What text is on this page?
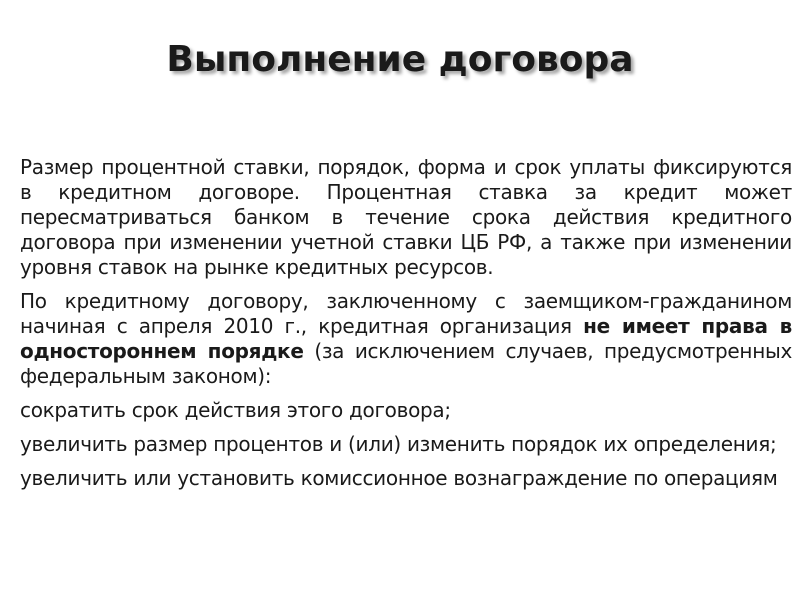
Выполнение договора

Размер процентной ставки, порядок, форма и срок уплаты фиксируются в кредитном договоре. Процентная ставка за кредит может пересматриваться банком в течение срока действия кредитного договора при изменении учетной ставки ЦБ РФ, а также при изменении уровня ставок на рынке кредитных ресурсов.

По кредитному договору, заключенному с заемщиком-гражданином начиная с апреля 2010 г., кредитная организация не имеет права в одностороннем порядке (за исключением случаев, предусмотренных федеральным законом):

сократить срок действия этого договора;

увеличить размер процентов и (или) изменить порядок их определения;

увеличить или установить комиссионное вознаграждение по операциям
